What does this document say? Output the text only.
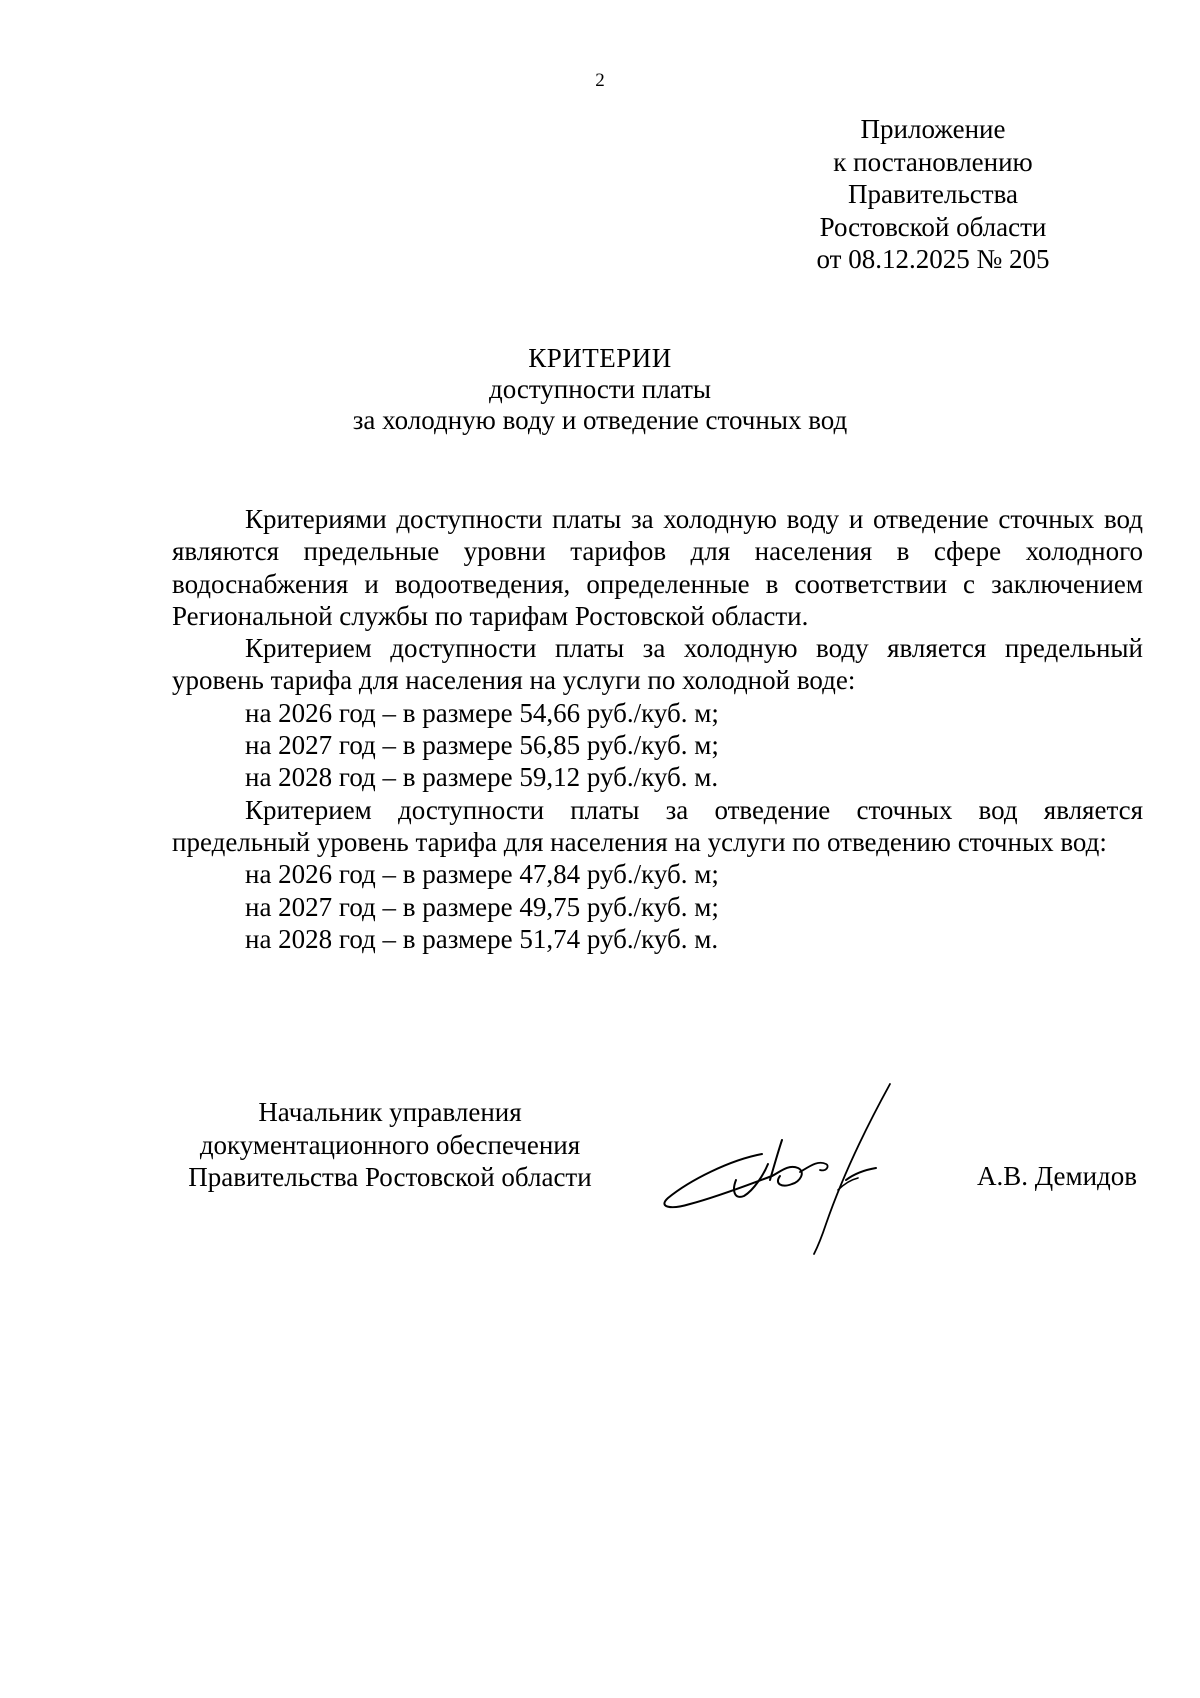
2
Приложение
к постановлению
Правительства
Ростовской области
от 08.12.2025 № 205
КРИТЕРИИ
доступности платы
за холодную воду и отведение сточных вод

Критериями доступности платы за холодную воду и отведение сточных вод являются предельные уровни тарифов для населения в сфере холодного водоснабжения и водоотведения, определенные в соответствии с заключением Региональной службы по тарифам Ростовской области.

Критерием доступности платы за холодную воду является предельный уровень тарифа для населения на услуги по холодной воде:

на 2026 год – в размере 54,66 руб./куб. м;

на 2027 год – в размере 56,85 руб./куб. м;

на 2028 год – в размере 59,12 руб./куб. м.

Критерием доступности платы за отведение сточных вод является предельный уровень тарифа для населения на услуги по отведению сточных вод:

на 2026 год – в размере 47,84 руб./куб. м;

на 2027 год – в размере 49,75 руб./куб. м;

на 2028 год – в размере 51,74 руб./куб. м.

Начальник управления
документационного обеспечения
Правительства Ростовской области	А.В. Демидов
